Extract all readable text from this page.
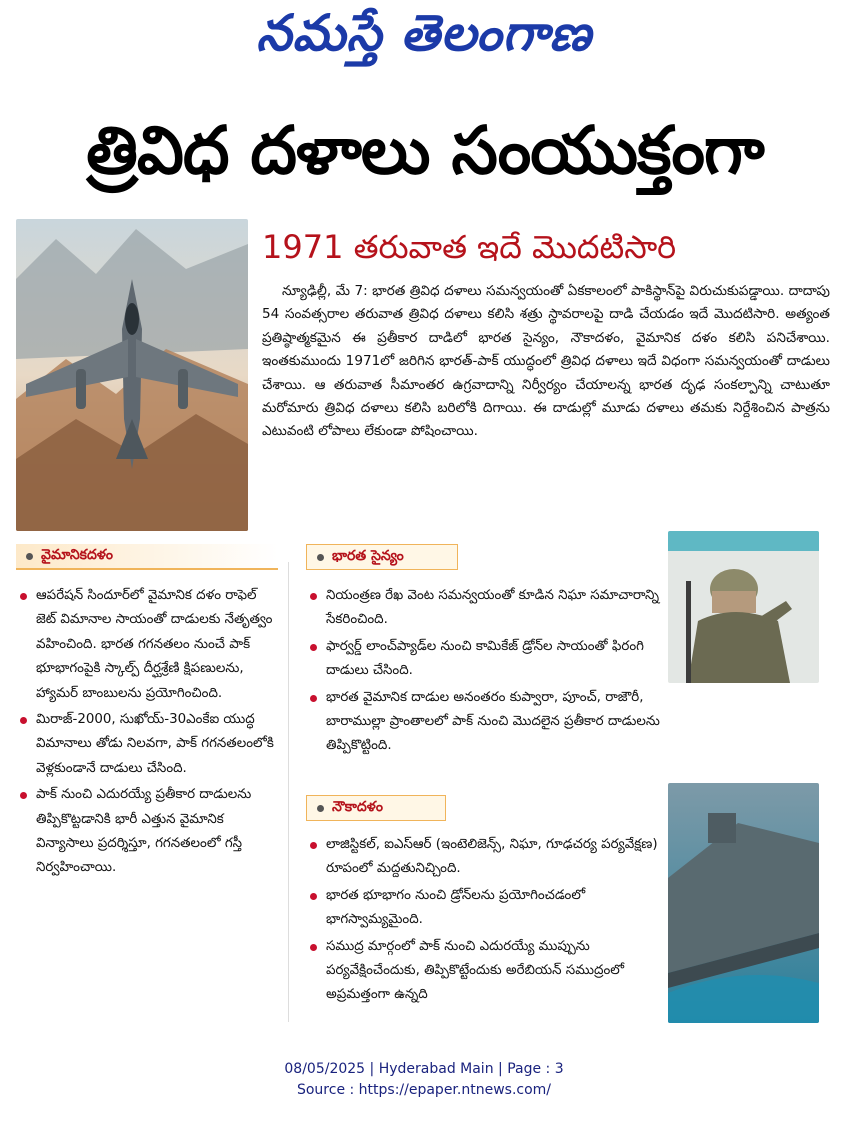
నమస్తే తెలంగాణ
త్రివిధ దళాలు సంయుక్తంగా
1971 తరువాత ఇదే మొదటిసారి
న్యూఢిల్లీ, మే 7: భారత త్రివిధ దళాలు సమన్వయంతో ఏకకాలంలో పాకిస్థాన్‌పై విరుచుకుపడ్డాయి. దాదాపు 54 సంవత్సరాల తరువాత త్రివిధ దళాలు కలిసి శత్రు స్థావరాలపై దాడి చేయడం ఇదే మొదటిసారి. అత్యంత ప్రతిష్ఠాత్మకమైన ఈ ప్రతీకార దాడిలో భారత సైన్యం, నౌకాదళం, వైమానిక దళం కలిసి పనిచేశాయి. ఇంతకుముందు 1971లో జరిగిన భారత్‌-పాక్‌ యుద్ధంలో త్రివిధ దళాలు ఇదే విధంగా సమన్వయంతో దాడులు చేశాయి. ఆ తరువాత సీమాంతర ఉగ్రవాదాన్ని నిర్వీర్యం చేయాలన్న భారత దృఢ సంకల్పాన్ని చాటుతూ మరోమారు త్రివిధ దళాలు కలిసి బరిలోకి దిగాయి. ఈ దాడుల్లో మూడు దళాలు తమకు నిర్దేశించిన పాత్రను ఎటువంటి లోపాలు లేకుండా పోషించాయి.
వైమానికదళం
ఆపరేషన్‌ సిందూర్‌లో వైమానిక దళం రాఫెల్‌ జెట్‌ విమానాల సాయంతో దాడులకు నేతృత్వం వహించింది. భారత గగనతలం నుంచే పాక్‌ భూభాగంపైకి స్కాల్ప్‌ దీర్ఘశ్రేణి క్షిపణులను, హ్యామర్‌ బాంబులను ప్రయోగించింది.
మిరాజ్‌-2000, సుఖోయ్‌-30ఎంకేఐ యుద్ధ విమానాలు తోడు నిలవగా, పాక్‌ గగనతలంలోకి వెళ్లకుండానే దాడులు చేసింది.
పాక్‌ నుంచి ఎదురయ్యే ప్రతీకార దాడులను తిప్పికొట్టడానికి భారీ ఎత్తున వైమానిక విన్యాసాలు ప్రదర్శిస్తూ, గగనతలంలో గస్తీ నిర్వహించాయి.
భారత సైన్యం
నియంత్రణ రేఖ వెంట సమన్వయంతో కూడిన నిఘా సమాచారాన్ని సేకరించింది.
ఫార్వర్డ్‌ లాంచ్‌ప్యాడ్‌ల నుంచి కామికేజ్‌ డ్రోన్‌ల సాయంతో ఫిరంగి దాడులు చేసింది.
భారత వైమానిక దాడుల అనంతరం కుప్వారా, పూంచ్‌, రాజౌరీ, బారాముల్లా ప్రాంతాలలో పాక్‌ నుంచి మొదలైన ప్రతీకార దాడులను తిప్పికొట్టింది.
నౌకాదళం
లాజిస్టికల్‌, ఐఎస్‌ఆర్‌ (ఇంటెలిజెన్స్‌, నిఘా, గూఢచర్య పర్యవేక్షణ) రూపంలో మద్దతునిచ్చింది.
భారత భూభాగం నుంచి డ్రోన్‌లను ప్రయోగించడంలో భాగస్వామ్యమైంది.
సముద్ర మార్గంలో పాక్‌ నుంచి ఎదురయ్యే ముప్పును పర్యవేక్షించేందుకు, తిప్పికొట్టేందుకు అరేబియన్‌ సముద్రంలో అప్రమత్తంగా ఉన్నది
08/05/2025 | Hyderabad Main | Page : 3
Source : https://epaper.ntnews.com/
